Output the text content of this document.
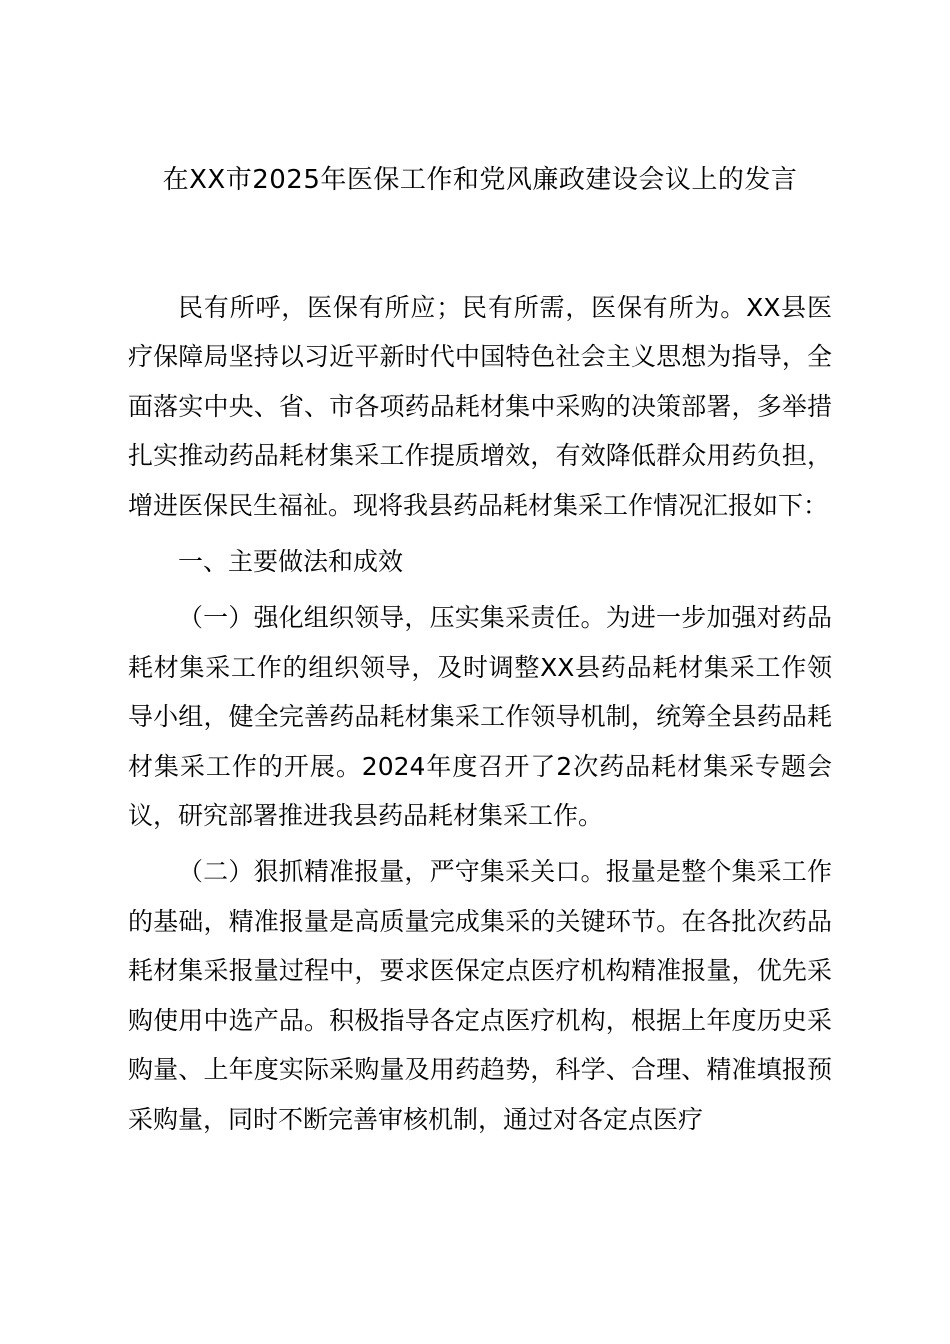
在XX市2025年医保工作和党风廉政建设会议上的发言

民有所呼，医保有所应；民有所需，医保有所为。XX县医疗保障局坚持以习近平新时代中国特色社会主义思想为指导，全面落实中央、省、市各项药品耗材集中采购的决策部署，多举措扎实推动药品耗材集采工作提质增效，有效降低群众用药负担，增进医保民生福祉。现将我县药品耗材集采工作情况汇报如下：

一、主要做法和成效

（一）强化组织领导，压实集采责任。为进一步加强对药品耗材集采工作的组织领导，及时调整XX县药品耗材集采工作领导小组，健全完善药品耗材集采工作领导机制，统筹全县药品耗材集采工作的开展。2024年度召开了2次药品耗材集采专题会议，研究部署推进我县药品耗材集采工作。

（二）狠抓精准报量，严守集采关口。报量是整个集采工作的基础，精准报量是高质量完成集采的关键环节。在各批次药品耗材集采报量过程中，要求医保定点医疗机构精准报量，优先采购使用中选产品。积极指导各定点医疗机构，根据上年度历史采购量、上年度实际采购量及用药趋势，科学、合理、精准填报预采购量，同时不断完善审核机制，通过对各定点医疗
